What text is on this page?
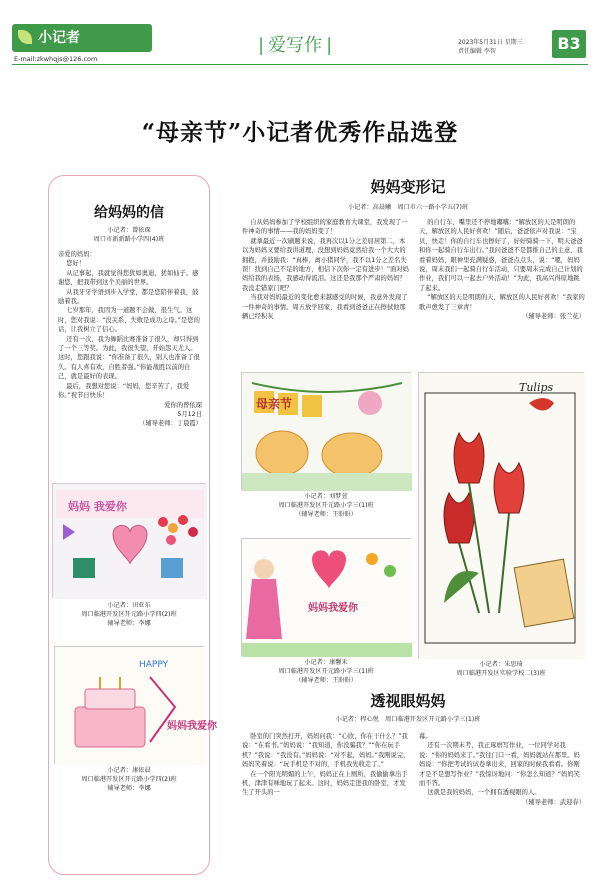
小记者
E-mail:zkwhqjs@126.com
| 爱写作 |	2023年5月31日 星期三
责任编辑 李智	B3
“母亲节”小记者优秀作品选登
给妈妈的信
小记者：曾依琛
周口市新新路小学四(4)班
亲爱的妈妈：

您好！

从记事起，我就觉得您犹如奥迪，犹如仙子。感谢您，把我带到这个美丽的世界。

从我牙牙学语到步入学堂，都是您陪伴着我，鼓励着我。

七岁那年，我因为一道题不会做，很生气。这时，您对我说：“没关系，失败是成功之母。”是您的话，让我树立了信心。

还有一次，我为舞蹈比赛准备了很久，却只得到了一个三等奖。为此，我很失望，开始怨天尤人。这时，您跟我说：“你准备了很久，别人也准备了很久。有人喜有欢，自胜者强。”你能战胜以前的自己，就是最好的表现。

最后，我想对您说：“妈妈，您辛苦了，我爱你。”祝节日快乐！

爱你的曾依琛
5月12日
（辅导老师：丁晨霞）
妈妈 我爱你
小记者：田亚东
周口临港开发区开元路小学四(2)班
辅导老师：李娜
HAPPY
妈妈我爱你
小记者：康依晨
周口临港开发区开元路小学四(2)班
辅导老师：李娜
妈妈变形记
小记者：高晨曦　周口市六一路小学五(7)班

自从妈妈参加了学校组织的家庭教育大课堂，我发现了一件神奇的事情——我的妈妈变了！

就拿最近一次刷题来说，我再次以1分之差屈居第二，本以为妈妈又要给我讲道理，没想到妈妈竟然给我一个大大的拥抱，并鼓励我：“真棒，离小猪同学，我不以1分之差名失误！找到自己不足的地方，相信下次你一定有进步！”面对妈妈给我的表扬，我感动得流泪。这还是我那个严肃的妈妈？我没走错家门吧？

当我对妈妈最近的变化愈来越感受的时候，我意外发现了一件神奇的事情。周五放学回家，我看到爸爸正在擦拭他那辆已经积灰

的自行车，嘴里还不停地嘟囔：“解放区的天是明朗的天，解放区的人民好喜欢！”随后，爸爸依声对我说：“宝贝，快走！你的自行车也擦好了，好好骑骑一下，明天爸爸和你一起骑自行车出行。”我问爸爸不是都推自己的主意，我看着妈妈，眼神里充满疑惑，爸爸点点头，说：“嗯，妈妈说，周末我们一起骑自行车活动，只要周末完成自己计划的作业，我们可以一起去户外活动！”为此，我高兴得原地跳了起来。

“解放区的天是明朗的天，解放区的人民好喜欢！”我家的歌声愈发了三章青！

（辅导老师：张兰花）
母亲节
小记者：刘梦萱
周口临港开发区开元路小学三(1)班
（辅导老师：王盼盼）
妈妈我爱你
小记者：康馨禾
周口临港开发区开元路小学三(1)班
（辅导老师：王盼盼）
Tulips
小记者：朱思琦
周口临港开发区实验学校二(3)班
透视眼妈妈
小记者：程心悦　周口临港开发区开元路小学三(1)班

卧室的门突然打开，妈妈问我：“心欣，你在干什么？”我说：“在看书。”妈妈说：“我知道，你没骗我？”“你在玩手机？”我说：“我没有。”妈妈说：“对不起，妈妈。”我刚说完，妈妈笑着说：“玩手机是不对的，手机我先收走了。”

在一个阳光明媚的上午，妈妈正在上厕所，我偷偷拿出手机，津津有味地玩了起来。这时，妈妈走进我的卧室，才发生了开头的一

幕。

还有一次期末考，我正琢磨写作业，一位同学对我说：“你的妈妈来了。”我往门口一看，妈妈就站在那里。妈妈说：“你把考试的试卷拿出来，回家的时候我看看。你刚才是不是想写作业？”我惊讶地问：“你怎么知道？”妈妈笑而不答。

这就是我的妈妈，一个拥有透视眼的人。

（辅导老师：武迎春）
